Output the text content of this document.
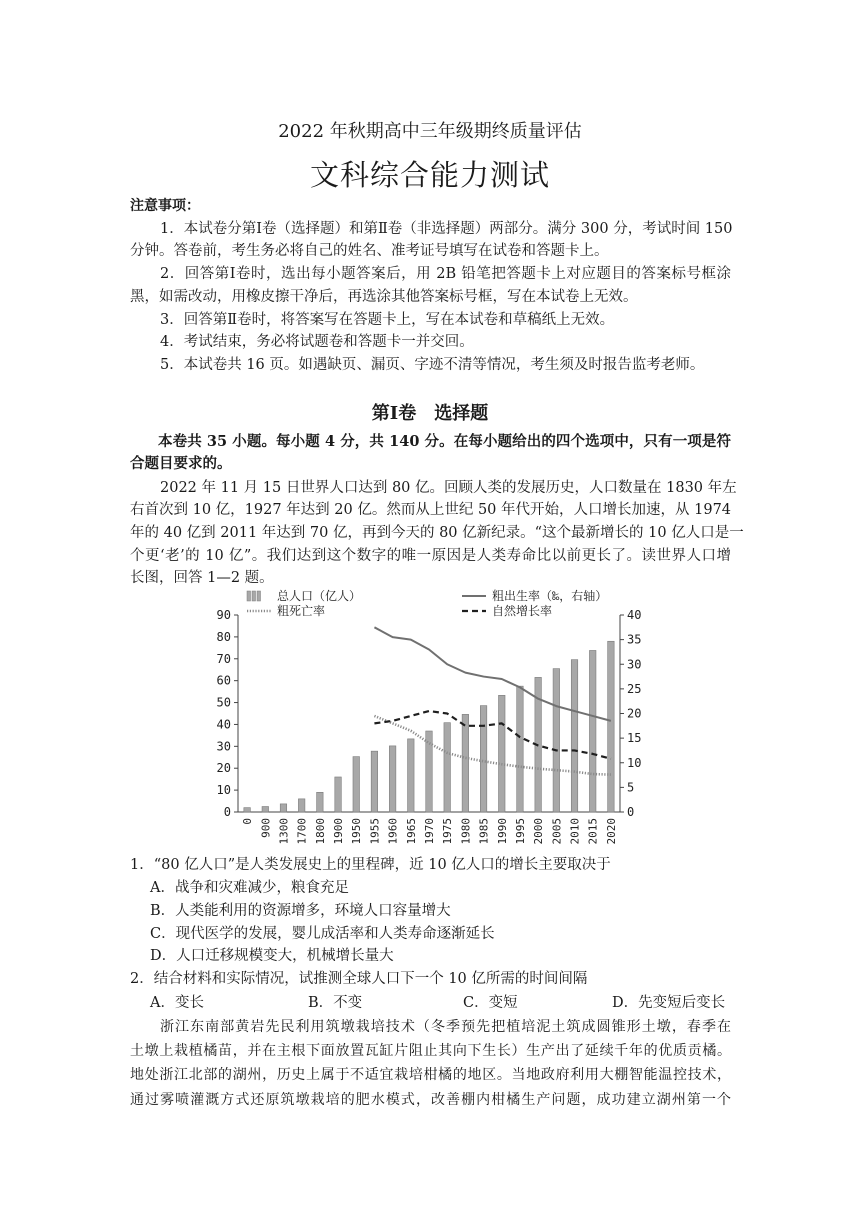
2022 年秋期高中三年级期终质量评估
文科综合能力测试
注意事项：
1．本试卷分第Ⅰ卷（选择题）和第Ⅱ卷（非选择题）两部分。满分 300 分，考试时间 150
分钟。答卷前，考生务必将自己的姓名、准考证号填写在试卷和答题卡上。
2．回答第Ⅰ卷时，选出每小题答案后，用 2B 铅笔把答题卡上对应题目的答案标号框涂
黑，如需改动，用橡皮擦干净后，再选涂其他答案标号框，写在本试卷上无效。
3．回答第Ⅱ卷时，将答案写在答题卡上，写在本试卷和草稿纸上无效。
4．考试结束，务必将试题卷和答题卡一并交回。
5．本试卷共 16 页。如遇缺页、漏页、字迹不清等情况，考生须及时报告监考老师。
第Ⅰ卷　选择题
本卷共 35 小题。每小题 4 分，共 140 分。在每小题给出的四个选项中，只有一项是符
合题目要求的。
2022 年 11 月 15 日世界人口达到 80 亿。回顾人类的发展历史，人口数量在 1830 年左
右首次到 10 亿，1927 年达到 20 亿。然而从上世纪 50 年代开始，人口增长加速，从 1974
年的 40 亿到 2011 年达到 70 亿，再到今天的 80 亿新纪录。“这个最新增长的 10 亿人口是一
个更‘老’的 10 亿”。我们达到这个数字的唯一原因是人类寿命比以前更长了。读世界人口增
长图，回答 1—2 题。
0
10
20
30
40
50
60
70
80
90
0
5
10
15
20
25
30
35
40
0 900 1300 1700 1800 1900 1950 1955 1960 1965 1970 1975 1980 1985 1990 1995 2000 2005 2010 2015 2020
总人口（亿人）
粗死亡率
粗出生率（‰，右轴）
自然增长率
1．“80 亿人口”是人类发展史上的里程碑，近 10 亿人口的增长主要取决于
A．战争和灾难减少，粮食充足
B．人类能利用的资源增多，环境人口容量增大
C．现代医学的发展，婴儿成活率和人类寿命逐渐延长
D．人口迁移规模变大，机械增长量大
2．结合材料和实际情况，试推测全球人口下一个 10 亿所需的时间间隔
A．变长	B．不变	C．变短	D．先变短后变长
浙江东南部黄岩先民利用筑墩栽培技术（冬季预先把植培泥土筑成圆锥形土墩，春季在
土墩上栽植橘苗，并在主根下面放置瓦缸片阻止其向下生长）生产出了延续千年的优质贡橘。
地处浙江北部的湖州，历史上属于不适宜栽培柑橘的地区。当地政府利用大棚智能温控技术，
通过雾喷灌溉方式还原筑墩栽培的肥水模式，改善棚内柑橘生产问题，成功建立湖州第一个
